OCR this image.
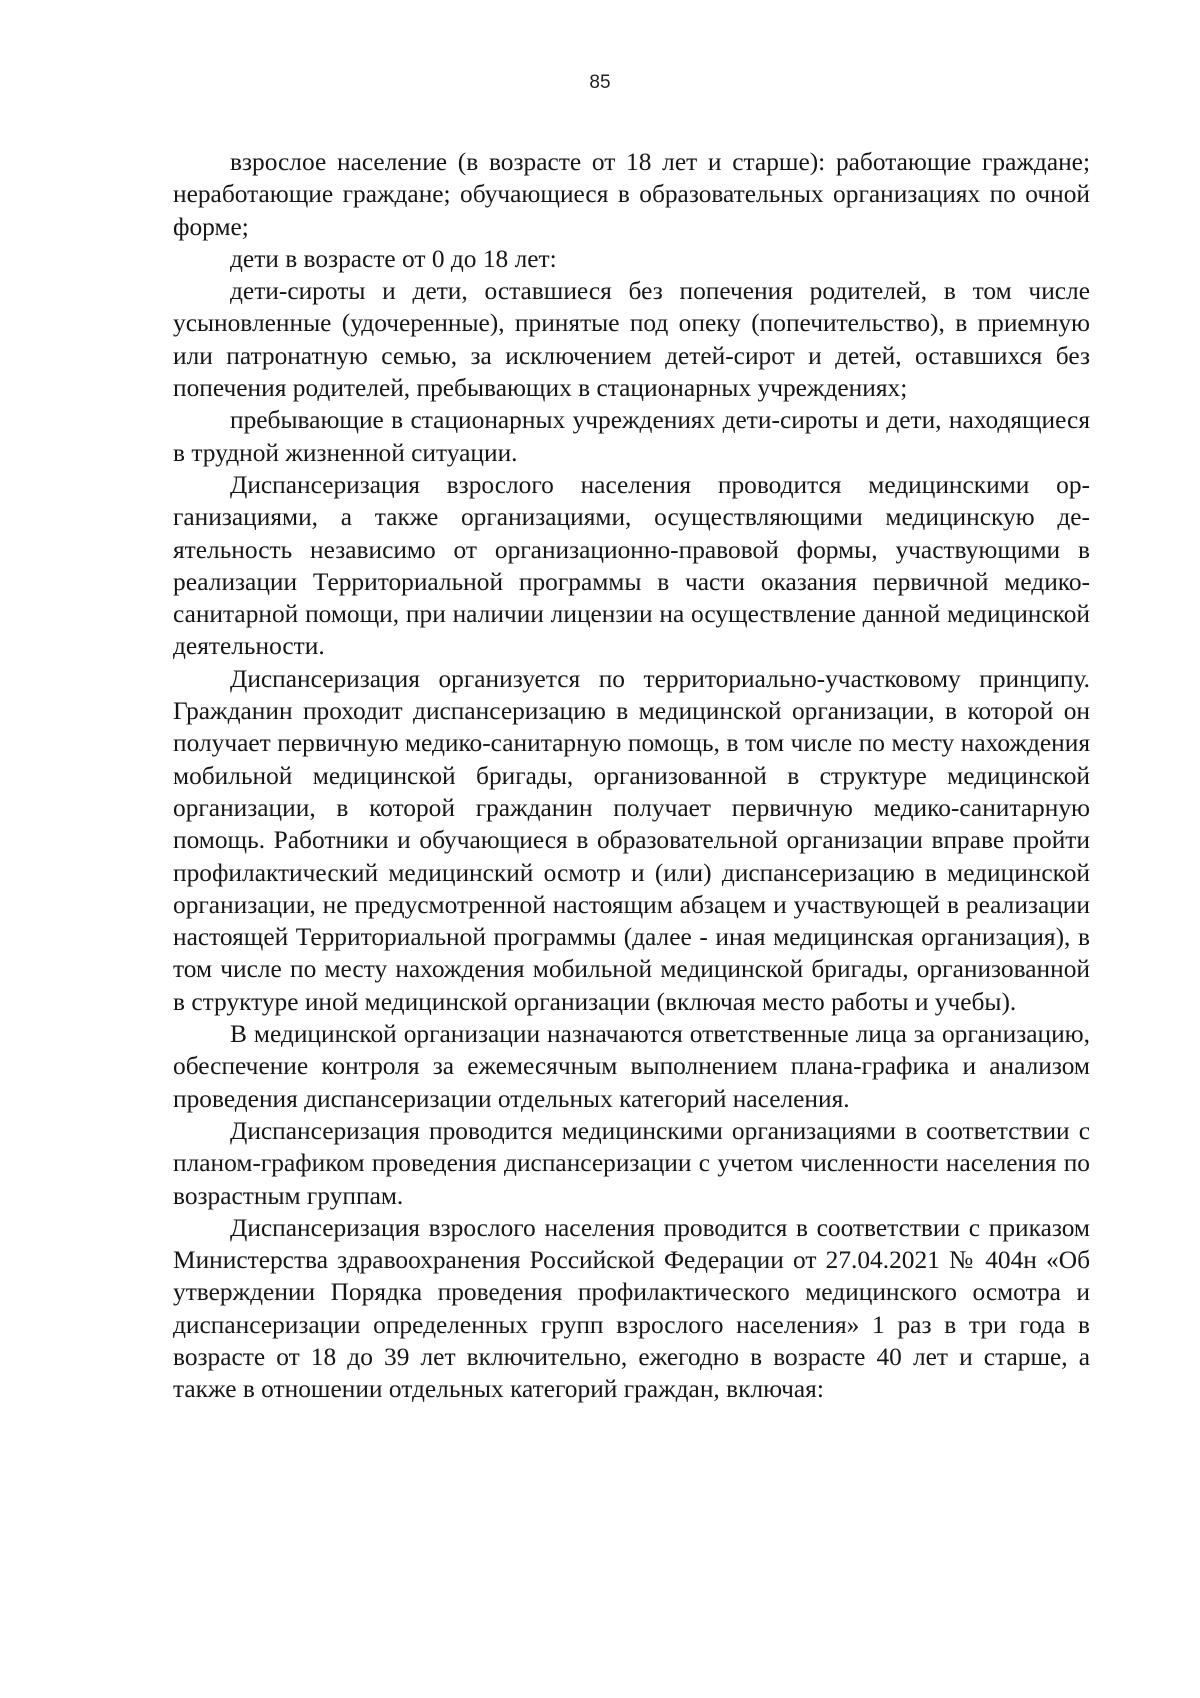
85

взрослое население (в возрасте от 18 лет и старше): работающие граждане; неработающие граждане; обучающиеся в образовательных организациях по очной форме;

дети в возрасте от 0 до 18 лет:

дети-сироты и дети, оставшиеся без попечения родителей, в том числе усыновленные (удочеренные), принятые под опеку (попечительство), в приемную или патронатную семью, за исключением детей-сирот и детей, оставшихся без попечения родителей, пребывающих в стационарных учреждениях;

пребывающие в стационарных учреждениях дети-сироты и дети, находящиеся в трудной жизненной ситуации.

Диспансеризация взрослого населения проводится медицинскими организациями, а также организациями, осуществляющими медицинскую деятельность независимо от организационно-правовой формы, участвующими в реализации Территориальной программы в части оказания первичной медико-санитарной помощи, при наличии лицензии на осуществление данной медицинской деятельности.

Диспансеризация организуется по территориально-участковому принципу. Гражданин проходит диспансеризацию в медицинской организации, в которой он получает первичную медико-санитарную помощь, в том числе по месту нахождения мобильной медицинской бригады, организованной в структуре медицинской организации, в которой гражданин получает первичную медико-санитарную помощь. Работники и обучающиеся в образовательной организации вправе пройти профилактический медицинский осмотр и (или) диспансеризацию в медицинской организации, не предусмотренной настоящим абзацем и участвующей в реализации настоящей Территориальной программы (далее - иная медицинская организация), в том числе по месту нахождения мобильной медицинской бригады, организованной в структуре иной медицинской организации (включая место работы и учебы).

В медицинской организации назначаются ответственные лица за организацию, обеспечение контроля за ежемесячным выполнением плана-графика и анализом проведения диспансеризации отдельных категорий населения.

Диспансеризация проводится медицинскими организациями в соответствии с планом-графиком проведения диспансеризации с учетом численности населения по возрастным группам.

Диспансеризация взрослого населения проводится в соответствии с приказом Министерства здравоохранения Российской Федерации от 27.04.2021 № 404н «Об утверждении Порядка проведения профилактического медицинского осмотра и диспансеризации определенных групп взрослого населения» 1 раз в три года в возрасте от 18 до 39 лет включительно, ежегодно в возрасте 40 лет и старше, а также в отношении отдельных категорий граждан, включая:
